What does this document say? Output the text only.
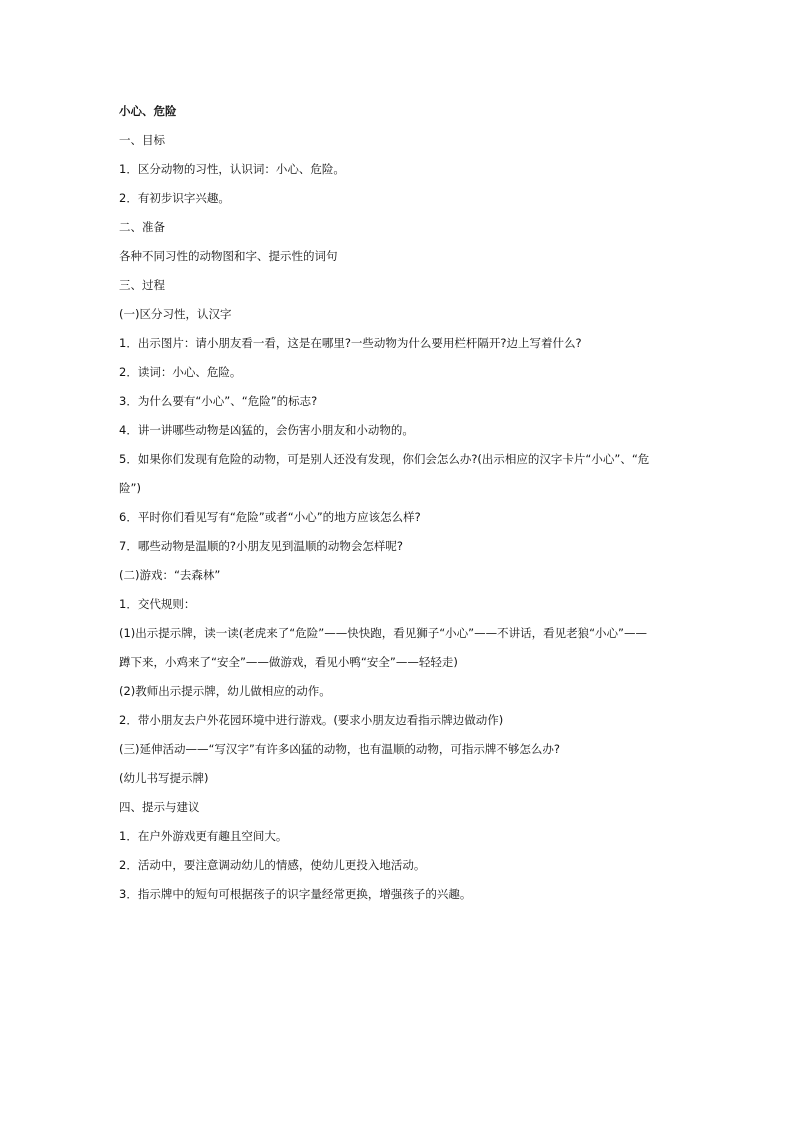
小心、危险
一、目标
1．区分动物的习性，认识词：小心、危险。
2．有初步识字兴趣。
二、准备
各种不同习性的动物图和字、提示性的词句
三、过程
(一)区分习性，认汉字
1．出示图片：请小朋友看一看，这是在哪里?一些动物为什么要用栏杆隔开?边上写着什么?
2．读词：小心、危险。
3．为什么要有“小心”、“危险”的标志?
4．讲一讲哪些动物是凶猛的，会伤害小朋友和小动物的。
5．如果你们发现有危险的动物，可是别人还没有发现，你们会怎么办?(出示相应的汉字卡片“小心”、“危
险”)
6．平时你们看见写有“危险”或者“小心”的地方应该怎么样?
7．哪些动物是温顺的?小朋友见到温顺的动物会怎样呢?
(二)游戏：“去森林”
1．交代规则：
(1)出示提示牌，读一读(老虎来了“危险”——快快跑，看见狮子“小心”——不讲话，看见老狼“小心”——
蹲下来，小鸡来了“安全”——做游戏，看见小鸭“安全”——轻轻走)
(2)教师出示提示牌，幼儿做相应的动作。
2．带小朋友去户外花园环境中进行游戏。(要求小朋友边看指示牌边做动作)
(三)延伸活动——“写汉字”有许多凶猛的动物，也有温顺的动物，可指示牌不够怎么办?
(幼儿书写提示牌)
四、提示与建议
1．在户外游戏更有趣且空间大。
2．活动中，要注意调动幼儿的情感，使幼儿更投入地活动。
3．指示牌中的短句可根据孩子的识字量经常更换，增强孩子的兴趣。
